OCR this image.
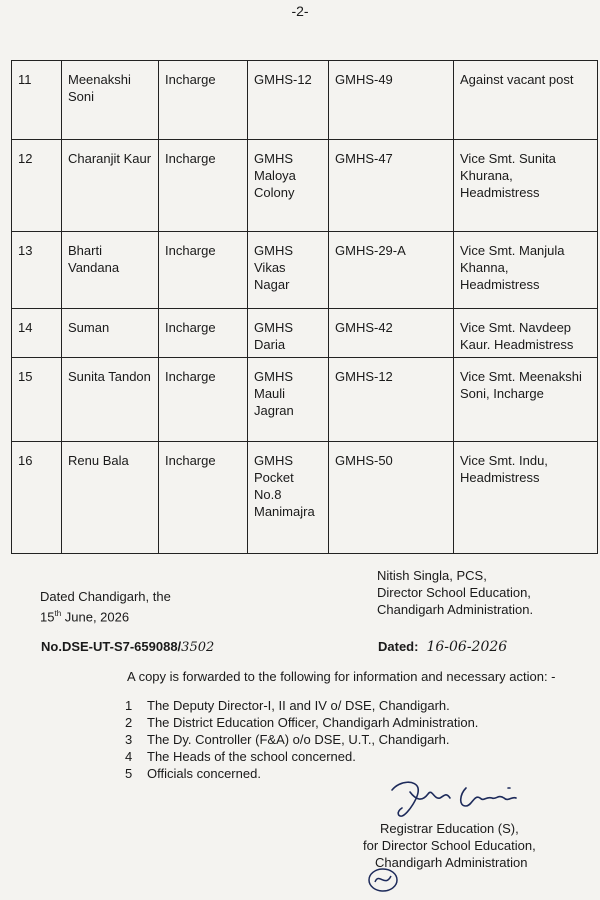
-2-
11	Meenakshi Soni	Incharge	GMHS-12	GMHS-49	Against vacant post
12	Charanjit Kaur	Incharge	GMHS Maloya Colony	GMHS-47	Vice Smt. Sunita Khurana, Headmistress
13	Bharti Vandana	Incharge	GMHS Vikas Nagar	GMHS-29-A	Vice Smt. Manjula Khanna, Headmistress
14	Suman	Incharge	GMHS Daria	GMHS-42	Vice Smt. Navdeep Kaur. Headmistress
15	Sunita Tandon	Incharge	GMHS Mauli Jagran	GMHS-12	Vice Smt. Meenakshi Soni, Incharge
16	Renu Bala	Incharge	GMHS Pocket No.8 Manimajra	GMHS-50	Vice Smt. Indu, Headmistress
Nitish Singla, PCS,
Director School Education,
Chandigarh Administration.
Dated Chandigarh, the
15th June, 2026
No.DSE-UT-S7-659088/3502	Dated: 16-06-2026
A copy is forwarded to the following for information and necessary action: -
1	The Deputy Director-I, II and IV o/ DSE, Chandigarh.
2	The District Education Officer, Chandigarh Administration.
3	The Dy. Controller (F&A) o/o DSE, U.T., Chandigarh.
4	The Heads of the school concerned.
5	Officials concerned.
Registrar Education (S),
for Director School Education,
Chandigarh Administration
